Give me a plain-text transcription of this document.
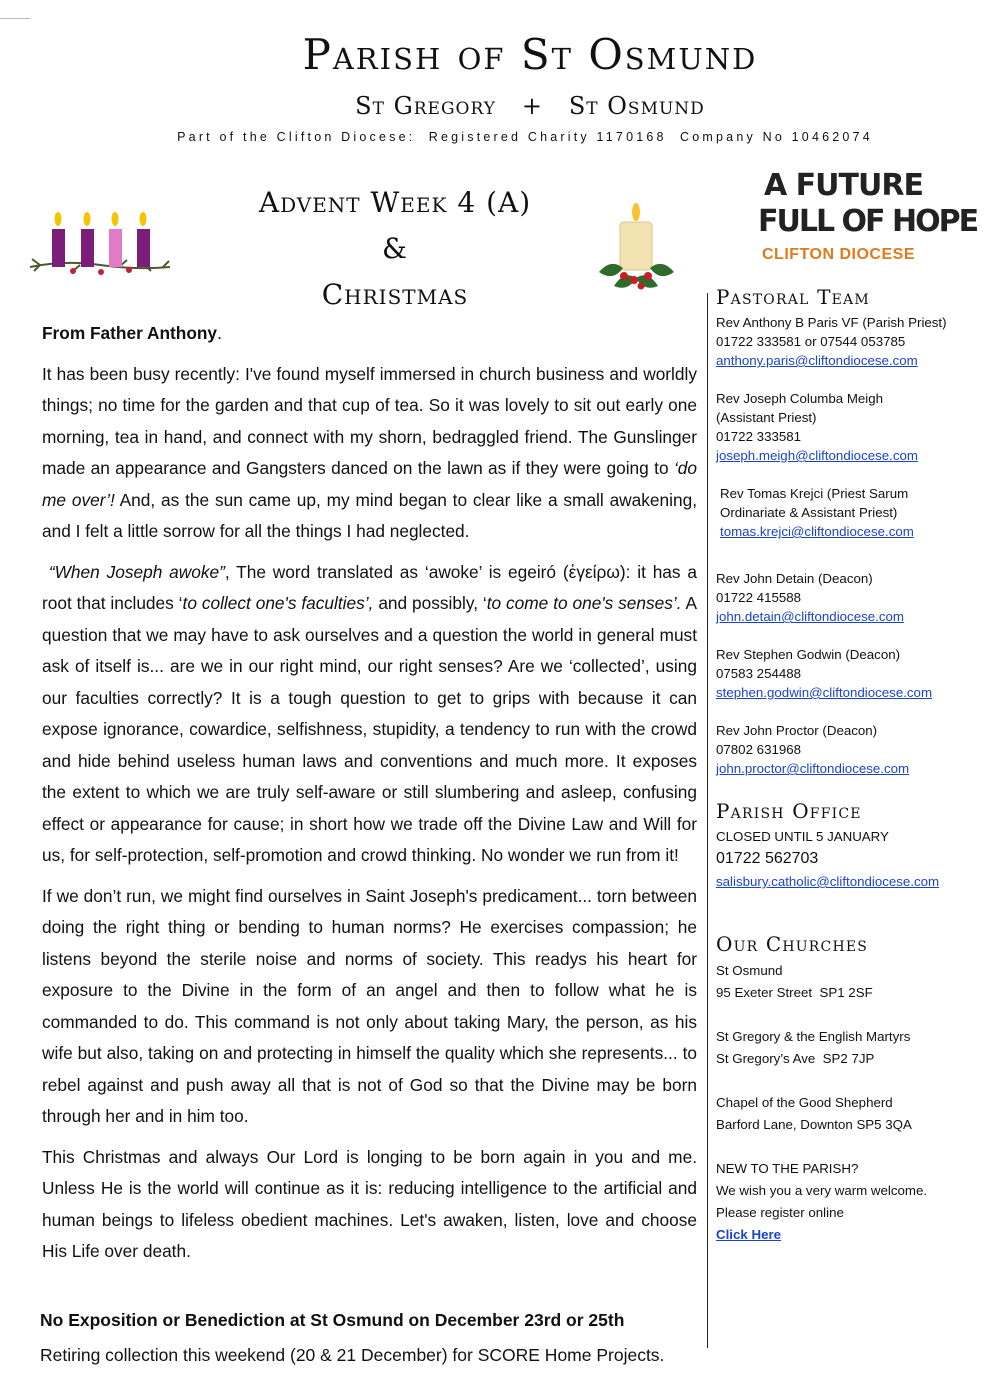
Parish of St Osmund
St Gregory   +   St Osmund
Part of the Clifton Diocese:  Registered Charity 1170168  Company No 10462074
Advent Week 4 (A)
&
Christmas
A FUTURE
FULL OF HOPE
CLIFTON DIOCESE

From Father Anthony.

It has been busy recently: I've found myself immersed in church business and worldly things; no time for the garden and that cup of tea. So it was lovely to sit out early one morning, tea in hand, and connect with my shorn, bedraggled friend. The Gunslinger made an appearance and Gangsters danced on the lawn as if they were going to ‘do me over’! And, as the sun came up, my mind began to clear like a small awakening, and I felt a little sorrow for all the things I had neglected.

“When Joseph awoke”, The word translated as ‘awoke’ is egeiró (ἐγείρω): it has a root that includes ‘to collect one's faculties’, and possibly, ‘to come to one's senses’. A question that we may have to ask ourselves and a question the world in general must ask of itself is... are we in our right mind, our right senses? Are we ‘collected’, using our faculties correctly? It is a tough question to get to grips with because it can expose ignorance, cowardice, selfishness, stupidity, a tendency to run with the crowd and hide behind useless human laws and conventions and much more. It exposes the extent to which we are truly self-aware or still slumbering and asleep, confusing effect or appearance for cause; in short how we trade off the Divine Law and Will for us, for self-protection, self-promotion and crowd thinking. No wonder we run from it!

If we don’t run, we might find ourselves in Saint Joseph's predicament... torn between doing the right thing or bending to human norms? He exercises compassion; he listens beyond the sterile noise and norms of society. This readys his heart for exposure to the Divine in the form of an angel and then to follow what he is commanded to do. This command is not only about taking Mary, the person, as his wife but also, taking on and protecting in himself the quality which she represents... to rebel against and push away all that is not of God so that the Divine may be born through her and in him too.

This Christmas and always Our Lord is longing to be born again in you and me. Unless He is the world will continue as it is: reducing intelligence to the artificial and human beings to lifeless obedient machines. Let's awaken, listen, love and choose His Life over death.

No Exposition or Benediction at St Osmund on December 23rd or 25th
Retiring collection this weekend (20 & 21 December) for SCORE Home Projects.
Pastoral Team
Rev Anthony B Paris VF (Parish Priest)
01722 333581 or 07544 053785
anthony.paris@cliftondiocese.com
Rev Joseph Columba Meigh
(Assistant Priest)
01722 333581
joseph.meigh@cliftondiocese.com
Rev Tomas Krejci (Priest Sarum
Ordinariate & Assistant Priest)
tomas.krejci@cliftondiocese.com
Rev John Detain (Deacon)
01722 415588
john.detain@cliftondiocese.com
Rev Stephen Godwin (Deacon)
07583 254488
stephen.godwin@cliftondiocese.com
Rev John Proctor (Deacon)
07802 631968
john.proctor@cliftondiocese.com
Parish Office
CLOSED UNTIL 5 JANUARY
01722 562703
salisbury.catholic@cliftondiocese.com
Our Churches
St Osmund
95 Exeter Street  SP1 2SF
St Gregory & the English Martyrs
St Gregory’s Ave  SP2 7JP
Chapel of the Good Shepherd
Barford Lane, Downton SP5 3QA
NEW TO THE PARISH?
We wish you a very warm welcome.
Please register online
Click Here
